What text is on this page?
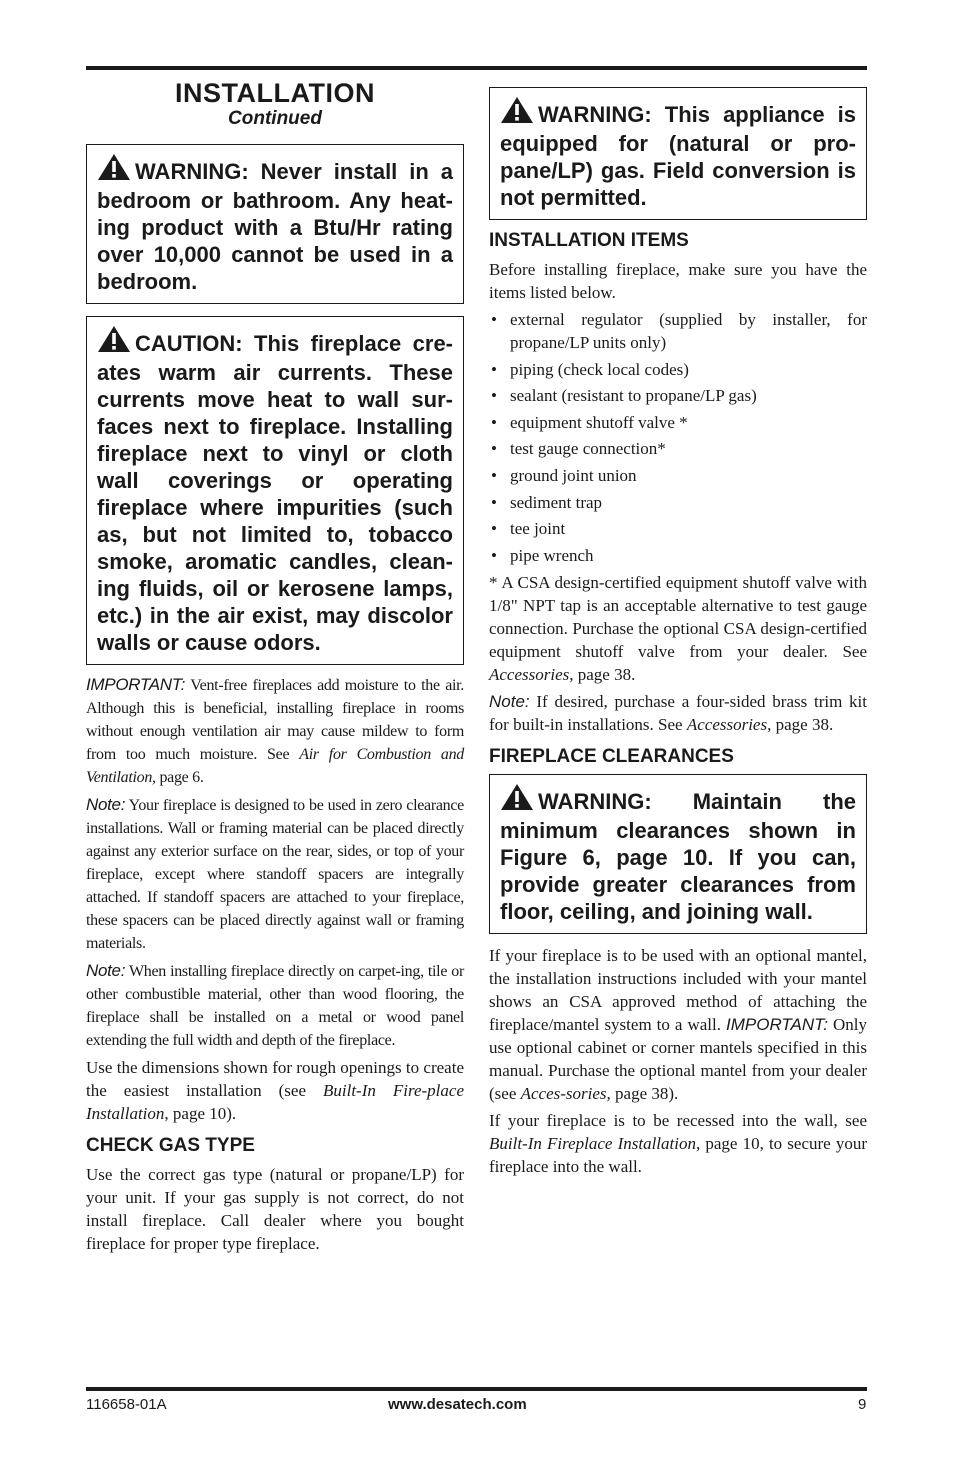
INSTALLATION
Continued

WARNING: Never install in a bedroom or bathroom. Any heat-ing product with a Btu/Hr rating over 10,000 cannot be used in a bedroom.

CAUTION: This fireplace cre-ates warm air currents. These currents move heat to wall sur-faces next to fireplace. Installing fireplace next to vinyl or cloth wall coverings or operating fireplace where impurities (such as, but not limited to, tobacco smoke, aromatic candles, clean-ing fluids, oil or kerosene lamps, etc.) in the air exist, may discolor walls or cause odors.

IMPORTANT: Vent-free fireplaces add moisture to the air. Although this is beneficial, installing fireplace in rooms without enough ventilation air may cause mildew to form from too much moisture. See Air for Combustion and Ventilation, page 6.

Note: Your fireplace is designed to be used in zero clearance installations. Wall or framing material can be placed directly against any exterior surface on the rear, sides, or top of your fireplace, except where standoff spacers are integrally attached. If standoff spacers are attached to your fireplace, these spacers can be placed directly against wall or framing materials.

Note: When installing fireplace directly on carpet-ing, tile or other combustible material, other than wood flooring, the fireplace shall be installed on a metal or wood panel extending the full width and depth of the fireplace.

Use the dimensions shown for rough openings to create the easiest installation (see Built-In Fire-place Installation, page 10).

CHECK GAS TYPE

Use the correct gas type (natural or propane/LP) for your unit. If your gas supply is not correct, do not install fireplace. Call dealer where you bought fireplace for proper type fireplace.

WARNING: This appliance is equipped for (natural or pro-pane/LP) gas. Field conversion is not permitted.

INSTALLATION ITEMS

Before installing fireplace, make sure you have the items listed below.

• external regulator (supplied by installer, for propane/LP units only)
• piping (check local codes)
• sealant (resistant to propane/LP gas)
• equipment shutoff valve *
• test gauge connection*
• ground joint union
• sediment trap
• tee joint
• pipe wrench

* A CSA design-certified equipment shutoff valve with 1/8" NPT tap is an acceptable alternative to test gauge connection. Purchase the optional CSA design-certified equipment shutoff valve from your dealer. See Accessories, page 38.

Note: If desired, purchase a four-sided brass trim kit for built-in installations. See Accessories, page 38.

FIREPLACE CLEARANCES

WARNING: Maintain the minimum clearances shown in Figure 6, page 10. If you can, provide greater clearances from floor, ceiling, and joining wall.

If your fireplace is to be used with an optional mantel, the installation instructions included with your mantel shows an CSA approved method of attaching the fireplace/mantel system to a wall. IMPORTANT: Only use optional cabinet or corner mantels specified in this manual. Purchase the optional mantel from your dealer (see Acces-sories, page 38).

If your fireplace is to be recessed into the wall, see Built-In Fireplace Installation, page 10, to secure your fireplace into the wall.

116658-01A	www.desatech.com	9
